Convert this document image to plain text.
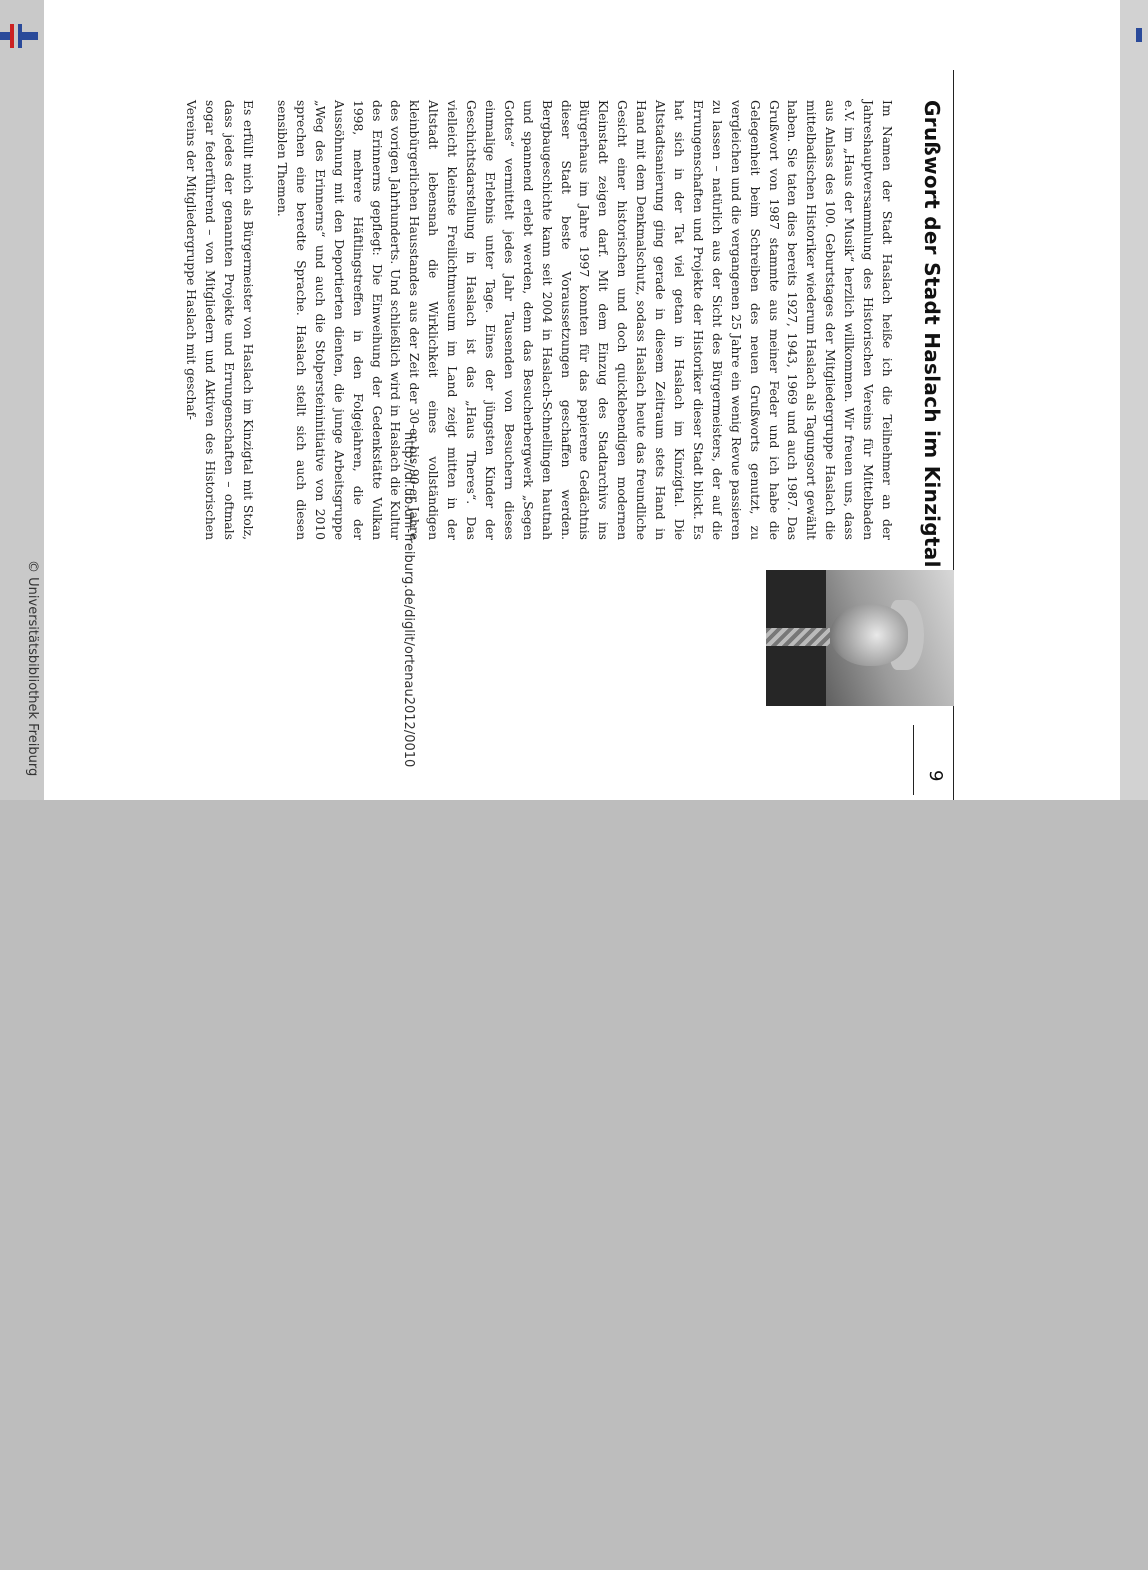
Grußwort der Stadt Haslach im Kinzigtal
9

Im Namen der Stadt Haslach heiße ich die Teilnehmer an der Jahreshauptversammlung des Historischen Vereins für Mittelbaden e.V. im „Haus der Musik“ herzlich willkommen. Wir freuen uns, dass aus Anlass des 100. Geburtstages der Mitgliedergruppe Haslach die mittelbadischen Historiker wiederum Haslach als Tagungsort gewählt haben. Sie taten dies bereits 1927, 1943, 1969 und auch 1987. Das Grußwort von 1987 stammte aus meiner Feder und ich habe die Gelegenheit beim Schreiben des neuen Grußworts genutzt, zu vergleichen und die vergangenen 25 Jahre ein wenig Revue passieren zu lassen – natürlich aus der Sicht des Bürgermeisters, der auf die Errungenschaften und Projekte der Historiker dieser Stadt blickt. Es hat sich in der Tat viel getan in Haslach im Kinzigtal. Die Altstadtsanierung ging gerade in diesem Zeitraum stets Hand in Hand mit dem Denkmalschutz, sodass Haslach heute das freundliche Gesicht einer historischen und doch quicklebendigen modernen Kleinstadt zeigen darf. Mit dem Einzug des Stadtarchivs ins Bürgerhaus im Jahre 1997 konnten für das papierene Gedächtnis dieser Stadt beste Voraussetzungen geschaffen werden. Bergbaugeschichte kann seit 2004 in Haslach-Schnellingen hautnah und spannend erlebt werden, denn das Besucherbergwerk „Segen Gottes“ vermittelt jedes Jahr Tausenden von Besuchern dieses einmalige Erlebnis unter Tage. Eines der jüngsten Kinder der Geschichtsdarstellung in Haslach ist das „Haus Theres“. Das vielleicht kleinste Freilichtmuseum im Land zeigt mitten in der Altstadt lebensnah die Wirklichkeit eines vollständigen kleinbürgerlichen Hausstandes aus der Zeit der 30-er bis 90-er Jahre des vorigen Jahrhunderts. Und schließlich wird in Haslach die Kultur des Erinnerns gepflegt: Die Einweihung der Gedenkstätte Vulkan 1998, mehrere Häftlingstreffen in den Folgejahren, die der Aussöhnung mit den Deportierten dienten, die junge Arbeitsgruppe „Weg des Erinnerns“ und auch die Stolpersteininitiative von 2010 sprechen eine beredte Sprache. Haslach stellt sich auch diesen sensiblen Themen.

Es erfüllt mich als Bürgermeister von Haslach im Kinzigtal mit Stolz, dass jedes der genannten Projekte und Errungenschaften – oftmals sogar federführend – von Mitgliedern und Aktiven des Historischen Vereins der Mitgliedergruppe Haslach mit geschaf-

http://dl.ub.uni-freiburg.de/diglit/ortenau2012/0010
© Universitätsbibliothek Freiburg
